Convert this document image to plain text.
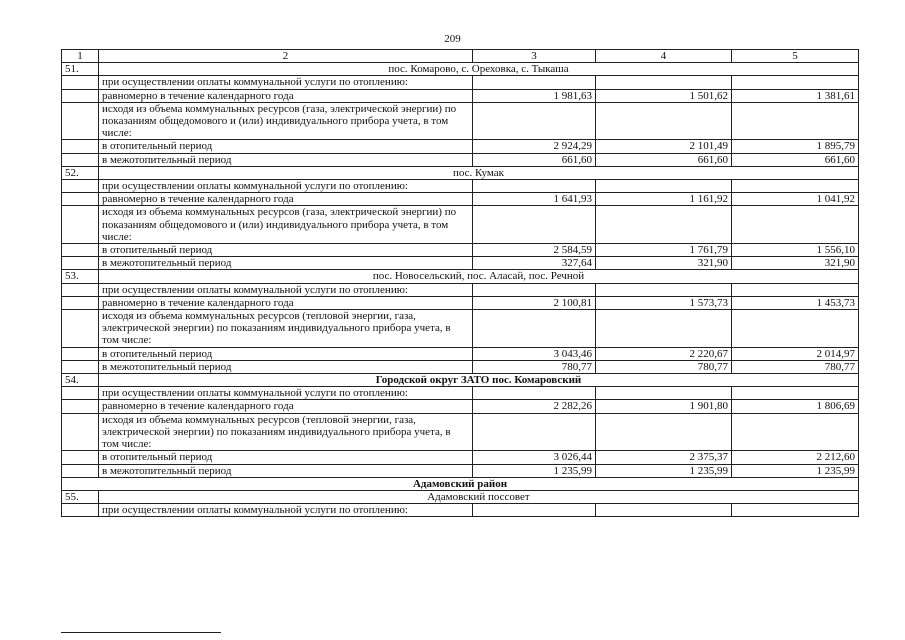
209
1	2	3	4	5
51.	пос. Комарово, с. Ореховка, с. Тыкаша			
	при осуществлении оплаты коммунальной услуги по отоплению:			
	равномерно в течение календарного года	1 981,63	1 501,62	1 381,61
	исходя из объема коммунальных ресурсов (газа, электрической энергии) по показаниям общедомового и (или) индивидуального прибора учета, в том числе:			
	в отопительный период	2 924,29	2 101,49	1 895,79
	в межотопительный период	661,60	661,60	661,60
52.	пос. Кумак			
	при осуществлении оплаты коммунальной услуги по отоплению:			
	равномерно в течение календарного года	1 641,93	1 161,92	1 041,92
	исходя из объема коммунальных ресурсов (газа, электрической энергии) по показаниям общедомового и (или) индивидуального прибора учета, в том числе:			
	в отопительный период	2 584,59	1 761,79	1 556,10
	в межотопительный период	327,64	321,90	321,90
53.	пос. Новосельский, пос. Аласай, пос. Речной			
	при осуществлении оплаты коммунальной услуги по отоплению:			
	равномерно в течение календарного года	2 100,81	1 573,73	1 453,73
	исходя из объема коммунальных ресурсов (тепловой энергии, газа, электрической энергии) по показаниям индивидуального прибора учета, в том числе:			
	в отопительный период	3 043,46	2 220,67	2 014,97
	в межотопительный период	780,77	780,77	780,77
54.	Городской округ ЗАТО пос. Комаровский			
	при осуществлении оплаты коммунальной услуги по отоплению:			
	равномерно в течение календарного года	2 282,26	1 901,80	1 806,69
	исходя из объема коммунальных ресурсов (тепловой энергии, газа, электрической энергии) по показаниям индивидуального прибора учета, в том числе:			
	в отопительный период	3 026,44	2 375,37	2 212,60
	в межотопительный период	1 235,99	1 235,99	1 235,99
Адамовский район				
55.	Адамовский поссовет			
	при осуществлении оплаты коммунальной услуги по отоплению:			
